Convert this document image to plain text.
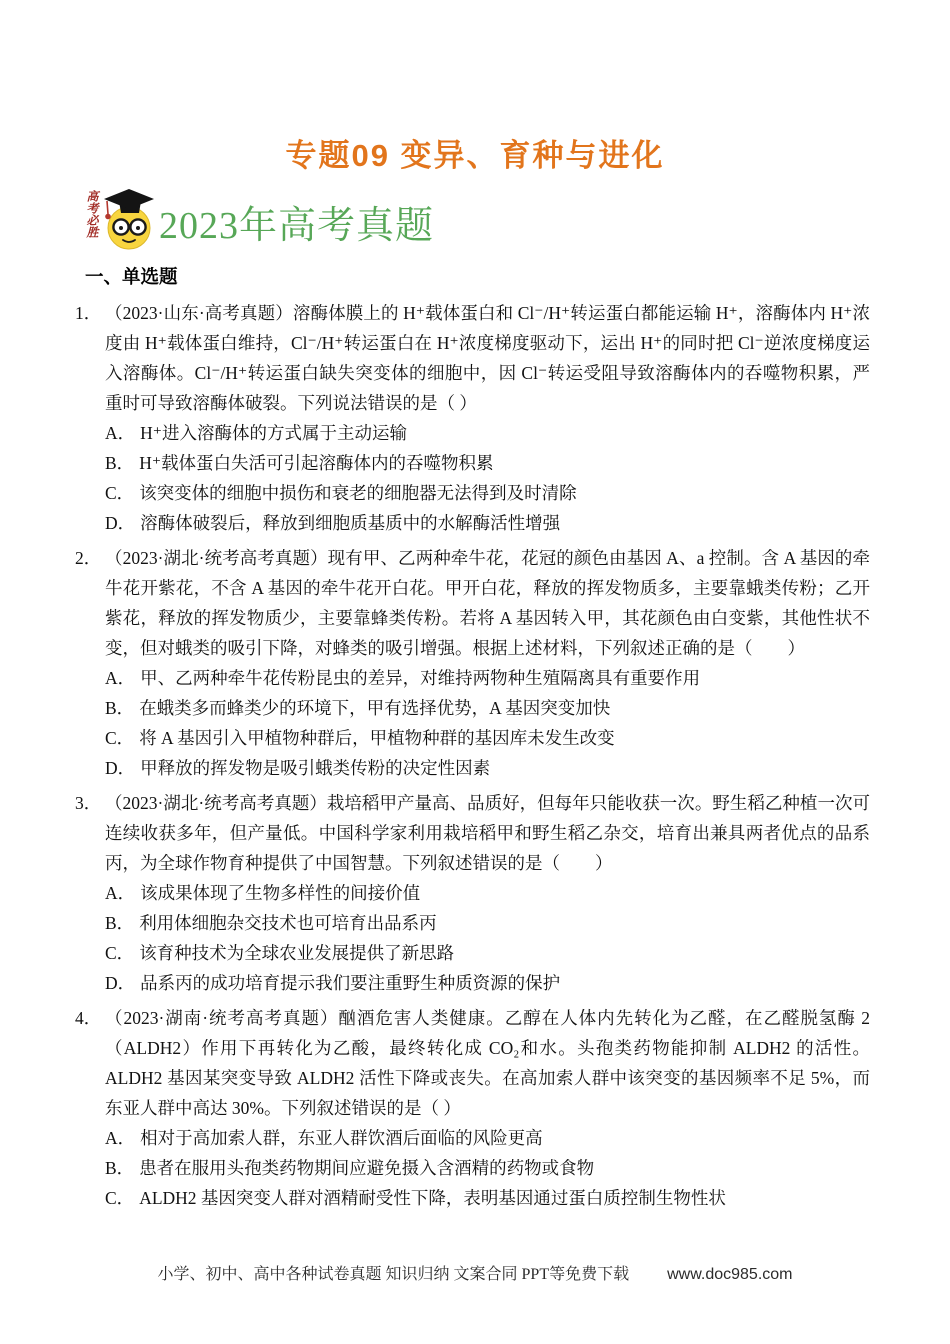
专题09 变异、育种与进化
高考必胜 2023年高考真题
一、单选题
1． （2023·山东·高考真题）溶酶体膜上的 H⁺载体蛋白和 Cl⁻/H⁺转运蛋白都能运输 H⁺，溶酶体内 H⁺浓度由 H⁺载体蛋白维持，Cl⁻/H⁺转运蛋白在 H⁺浓度梯度驱动下，运出 H⁺的同时把 Cl⁻逆浓度梯度运入溶酶体。Cl⁻/H⁺转运蛋白缺失突变体的细胞中，因 Cl⁻转运受阻导致溶酶体内的吞噬物积累，严重时可导致溶酶体破裂。下列说法错误的是（ ）

A． H⁺进入溶酶体的方式属于主动运输
B． H⁺载体蛋白失活可引起溶酶体内的吞噬物积累
C． 该突变体的细胞中损伤和衰老的细胞器无法得到及时清除
D． 溶酶体破裂后，释放到细胞质基质中的水解酶活性增强
2． （2023·湖北·统考高考真题）现有甲、乙两种牵牛花，花冠的颜色由基因 A、a 控制。含 A 基因的牵牛花开紫花，不含 A 基因的牵牛花开白花。甲开白花，释放的挥发物质多，主要靠蛾类传粉；乙开紫花，释放的挥发物质少，主要靠蜂类传粉。若将 A 基因转入甲，其花颜色由白变紫，其他性状不变，但对蛾类的吸引下降，对蜂类的吸引增强。根据上述材料，下列叙述正确的是（　　）

A． 甲、乙两种牵牛花传粉昆虫的差异，对维持两物种生殖隔离具有重要作用
B． 在蛾类多而蜂类少的环境下，甲有选择优势，A 基因突变加快
C． 将 A 基因引入甲植物种群后，甲植物种群的基因库未发生改变
D． 甲释放的挥发物是吸引蛾类传粉的决定性因素
3． （2023·湖北·统考高考真题）栽培稻甲产量高、品质好，但每年只能收获一次。野生稻乙种植一次可连续收获多年，但产量低。中国科学家利用栽培稻甲和野生稻乙杂交，培育出兼具两者优点的品系丙，为全球作物育种提供了中国智慧。下列叙述错误的是（　　）

A． 该成果体现了生物多样性的间接价值
B． 利用体细胞杂交技术也可培育出品系丙
C． 该育种技术为全球农业发展提供了新思路
D． 品系丙的成功培育提示我们要注重野生种质资源的保护
4． （2023·湖南·统考高考真题）酗酒危害人类健康。乙醇在人体内先转化为乙醛，在乙醛脱氢酶 2（ALDH2）作用下再转化为乙酸，最终转化成 CO₂和水。头孢类药物能抑制 ALDH2 的活性。ALDH2 基因某突变导致 ALDH2 活性下降或丧失。在高加索人群中该突变的基因频率不足 5%，而东亚人群中高达 30%。下列叙述错误的是（ ）

A． 相对于高加索人群，东亚人群饮酒后面临的风险更高
B． 患者在服用头孢类药物期间应避免摄入含酒精的药物或食物
C． ALDH2 基因突变人群对酒精耐受性下降，表明基因通过蛋白质控制生物性状
小学、初中、高中各种试卷真题 知识归纳 文案合同 PPT等免费下载 www.doc985.com
